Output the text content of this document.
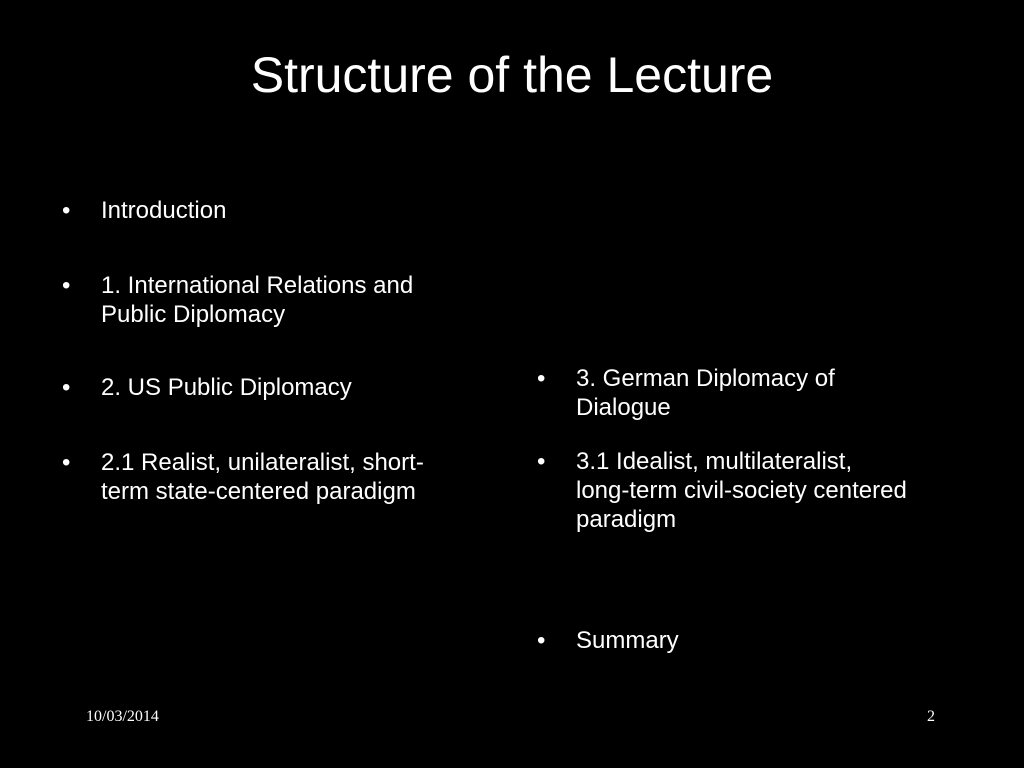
Structure of the Lecture
• Introduction
• 1. International Relations and
Public Diplomacy
• 2. US Public Diplomacy
• 2.1 Realist, unilateralist, short-
term state-centered paradigm
• 3. German Diplomacy of
Dialogue
• 3.1 Idealist, multilateralist,
long-term civil-society centered
paradigm
• Summary
10/03/2014	2
